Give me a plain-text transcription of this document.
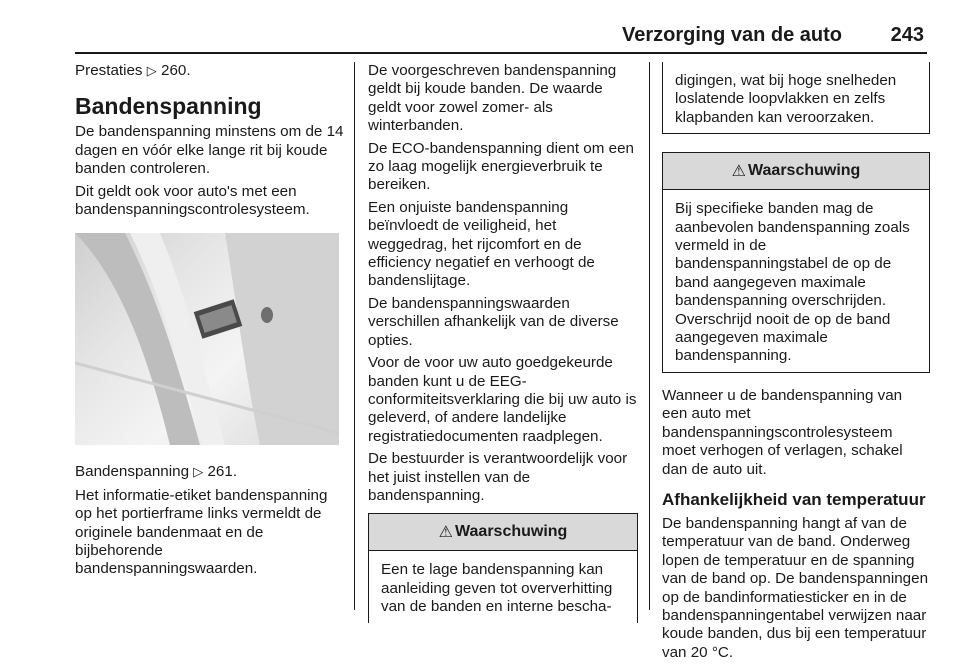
Verzorging van de auto 243

Prestaties ▷ 260.

Bandenspanning

De bandenspanning minstens om de 14 dagen en vóór elke lange rit bij koude banden controleren.

Dit geldt ook voor auto's met een bandenspanningscontrolesysteem.

Bandenspanning ▷ 261.

Het informatie-etiket bandenspanning op het portierframe links vermeldt de originele bandenmaat en de bijbehorende bandenspanningswaarden.

De voorgeschreven bandenspanning geldt bij koude banden. De waarde geldt voor zowel zomer- als winterbanden.

De ECO-bandenspanning dient om een zo laag mogelijk energieverbruik te bereiken.

Een onjuiste bandenspanning beïnvloedt de veiligheid, het weggedrag, het rijcomfort en de efficiency negatief en verhoogt de bandenslijtage.

De bandenspanningswaarden verschillen afhankelijk van de diverse opties.

Voor de voor uw auto goedgekeurde banden kunt u de EEG-conformiteitsverklaring die bij uw auto is geleverd, of andere landelijke registratiedocumenten raadplegen.

De bestuurder is verantwoordelijk voor het juist instellen van de bandenspanning.

⚠ Waarschuwing

Een te lage bandenspanning kan aanleiding geven tot oververhitting van de banden en interne bescha-

digingen, wat bij hoge snelheden loslatende loopvlakken en zelfs klapbanden kan veroorzaken.

⚠ Waarschuwing

Bij specifieke banden mag de aanbevolen bandenspanning zoals vermeld in de bandenspanningstabel de op de band aangegeven maximale bandenspanning overschrijden. Overschrijd nooit de op de band aangegeven maximale bandenspanning.

Wanneer u de bandenspanning van een auto met bandenspanningscontrolesysteem moet verhogen of verlagen, schakel dan de auto uit.

Afhankelijkheid van temperatuur

De bandenspanning hangt af van de temperatuur van de band. Onderweg lopen de temperatuur en de spanning van de band op. De bandenspanningen op de bandinformatiesticker en in de bandenspanningentabel verwijzen naar koude banden, dus bij een temperatuur van 20 °C.
